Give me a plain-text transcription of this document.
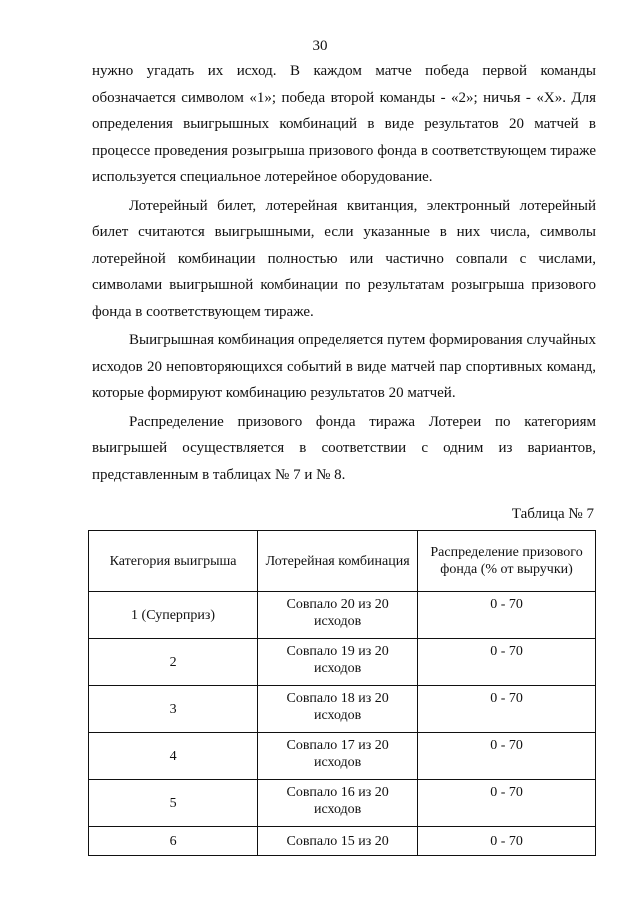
30

нужно угадать их исход. В каждом матче победа первой команды обозначается символом «1»; победа второй команды - «2»; ничья - «Х». Для определения выигрышных комбинаций в виде результатов 20 матчей в процессе проведения розыгрыша призового фонда в соответствующем тираже используется специальное лотерейное оборудование.

Лотерейный билет, лотерейная квитанция, электронный лотерейный билет считаются выигрышными, если указанные в них числа, символы лотерейной комбинации полностью или частично совпали с числами, символами выигрышной комбинации по результатам розыгрыша призового фонда в соответствующем тираже.

Выигрышная комбинация определяется путем формирования случайных исходов 20 неповторяющихся событий в виде матчей пар спортивных команд, которые формируют комбинацию результатов 20 матчей.

Распределение призового фонда тиража Лотереи по категориям выигрышей осуществляется в соответствии с одним из вариантов, представленным в таблицах № 7 и № 8.

Таблица № 7
Категория выигрыша	Лотерейная комбинация	Распределение призового фонда (% от выручки)
1 (Суперприз)	Совпало 20 из 20 исходов	0 - 70
2	Совпало 19 из 20 исходов	0 - 70
3	Совпало 18 из 20 исходов	0 - 70
4	Совпало 17 из 20 исходов	0 - 70
5	Совпало 16 из 20 исходов	0 - 70
6	Совпало 15 из 20	0 - 70
